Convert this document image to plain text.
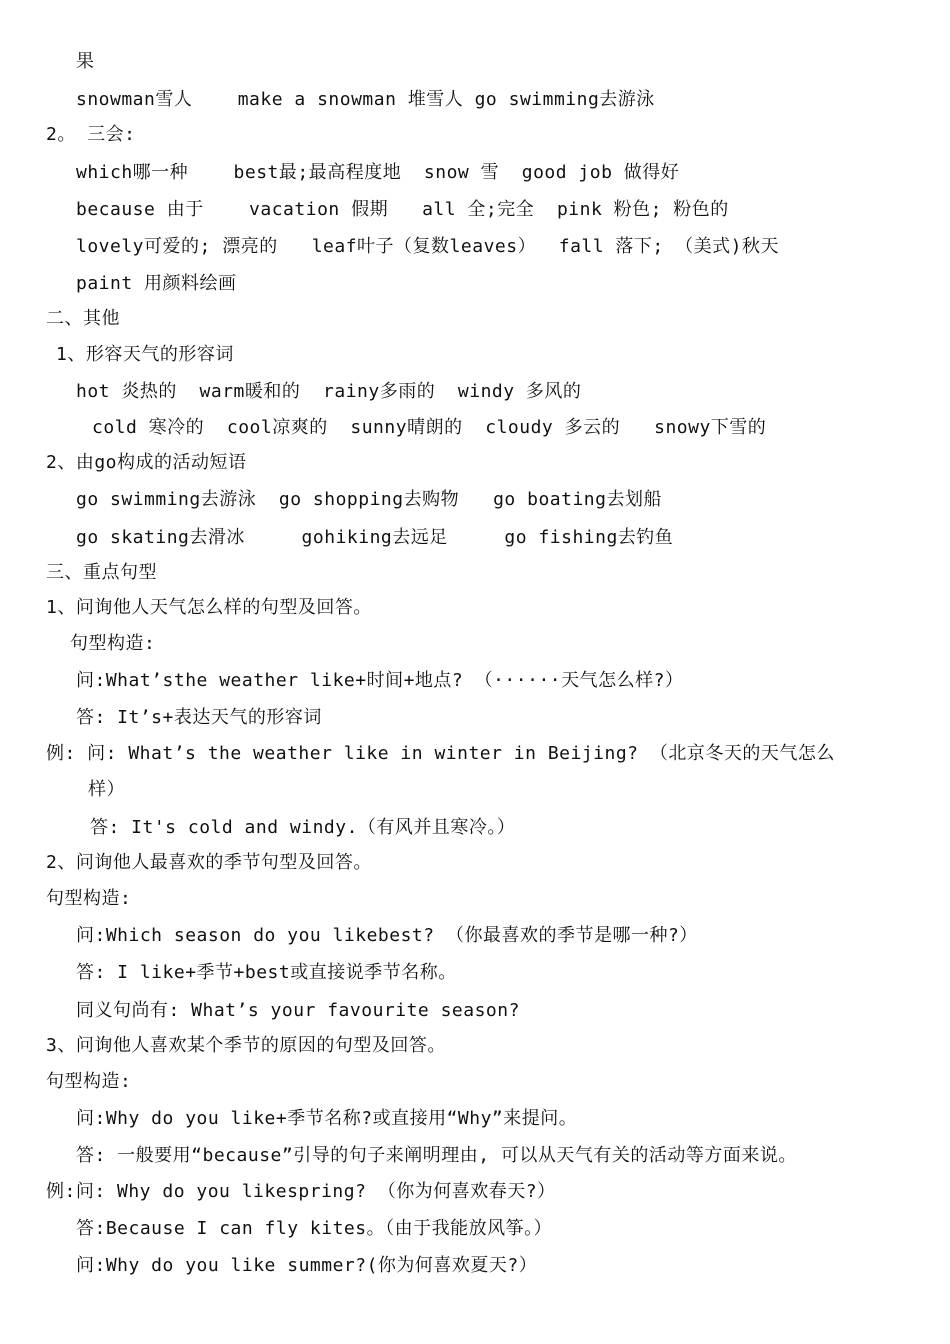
果
snowman雪人    make a snowman 堆雪人 go swimming去游泳
2。 三会:
which哪一种    best最;最高程度地  snow 雪  good job 做得好
because 由于    vacation 假期   all 全;完全  pink 粉色; 粉色的
lovely可爱的; 漂亮的   leaf叶子（复数leaves）  fall 落下; （美式)秋天
paint 用颜料绘画
二、其他
1、形容天气的形容词
hot 炎热的  warm暖和的  rainy多雨的  windy 多风的
cold 寒冷的  cool凉爽的  sunny晴朗的  cloudy 多云的   snowy下雪的
2、由go构成的活动短语
go swimming去游泳  go shopping去购物   go boating去划船
go skating去滑冰     gohiking去远足     go fishing去钓鱼
三、重点句型
1、问询他人天气怎么样的句型及回答。
句型构造:
问:What’sthe weather like+时间+地点? （······天气怎么样?）
答: It’s+表达天气的形容词
例: 问: What’s the weather like in winter in Beijing? （北京冬天的天气怎么
样）
答: It's cold and windy.（有风并且寒冷。）
2、问询他人最喜欢的季节句型及回答。
句型构造:
问:Which season do you likebest? （你最喜欢的季节是哪一种?）
答: I like+季节+best或直接说季节名称。
同义句尚有: What’s your favourite season?
3、问询他人喜欢某个季节的原因的句型及回答。
句型构造:
问:Why do you like+季节名称?或直接用“Why”来提问。
答: 一般要用“because”引导的句子来阐明理由, 可以从天气有关的活动等方面来说。
例:问: Why do you likespring? （你为何喜欢春天?）
答:Because I can fly kites。（由于我能放风筝。）
问:Why do you like summer?(你为何喜欢夏天?）
